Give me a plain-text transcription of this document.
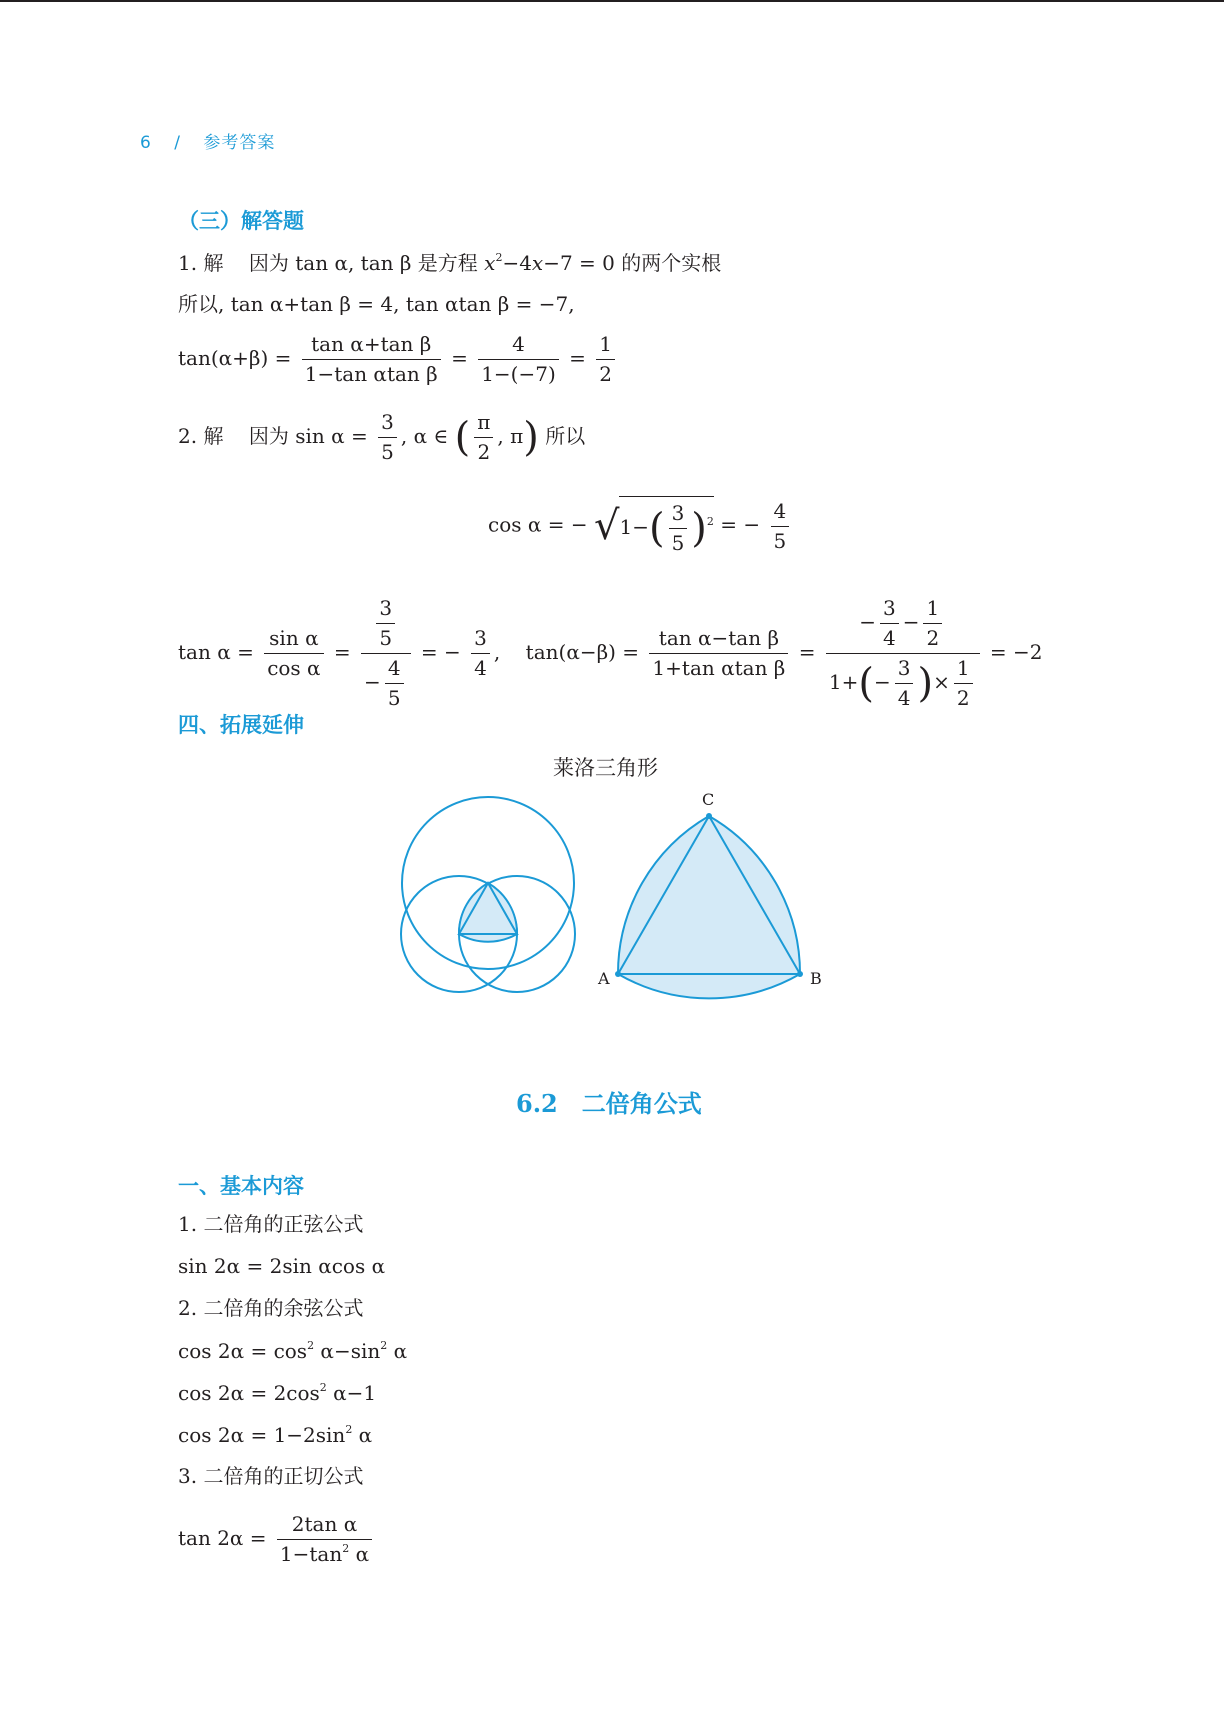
6 / 参考答案
（三）解答题
1. 解 因为 tan α, tan β 是方程 $x^2-4x-7 = 0$ 的两个实根
所以, tan α+tan β = 4, tan αtan β = −7,
$\tan(\alpha+\beta) = \frac{\text{tan α+tan β}}{\text{1−tan αtan β}} = \frac{4}{1-(-7)} = \frac{1}{2}$
2. 解 因为 $\sin \alpha = \frac{3}{5}$ , α ∈ ( $\frac{\pi}{2}$ , π) 所以
cos α = − $√1-( \frac{3}{5} )^2$ = − $\frac{4}{5}$
$\tan \alpha = \frac{\text{sin α}}{\text{cos α}} = \frac{\frac{3}{5}}{- \frac{4}{5}}$ = − $\frac{3}{4}$ , $\tan(\alpha-\beta) = \frac{\text{tan α−tan β}}{\text{1+tan αtan β}} = \frac{- \frac{3}{4} - \frac{1}{2}}{1+(- \frac{3}{4} )\times \frac{1}{2}} = -2$
四、拓展延伸
莱洛三角形
A	B
C
6.2　二倍角公式
一、基本内容
1. 二倍角的正弦公式
sin 2α = 2sin αcos α
2. 二倍角的余弦公式
$\cos 2\alpha = \cos^2 \alpha-\sin^2$ α
$\cos 2\alpha = 2\cos^2$ α−1
$\cos 2\alpha = 1-2\sin^2$ α
3. 二倍角的正切公式
$\tan 2\alpha = \frac{\text{2tan α}}{1-\tan^2 \alpha}$
